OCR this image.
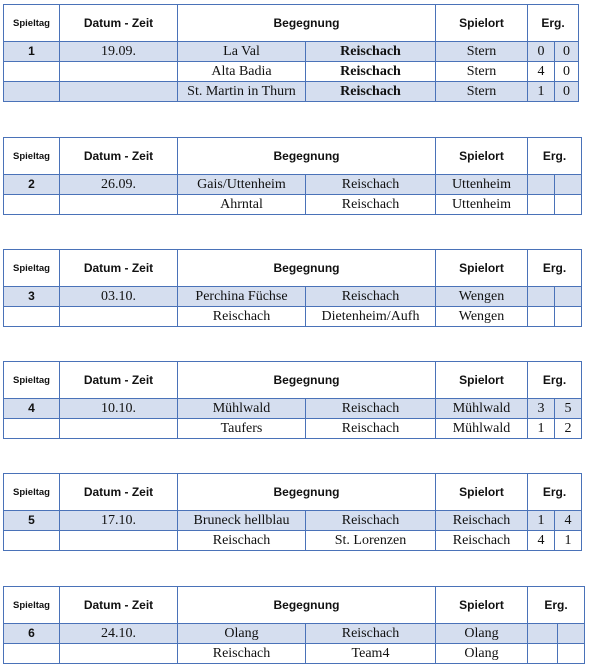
Spieltag	Datum - Zeit	Begegnung		Spielort	Erg.	
1	19.09.	La Val	Reischach	Stern	0	0
		Alta Badia	Reischach	Stern	4	0
		St. Martin in Thurn	Reischach	Stern	1	0
Spieltag	Datum - Zeit	Begegnung		Spielort	Erg.	
2	26.09.	Gais/Uttenheim	Reischach	Uttenheim		
		Ahrntal	Reischach	Uttenheim		
Spieltag	Datum - Zeit	Begegnung		Spielort	Erg.	
3	03.10.	Perchina Füchse	Reischach	Wengen		
		Reischach	Dietenheim/Aufh	Wengen		
Spieltag	Datum - Zeit	Begegnung		Spielort	Erg.	
4	10.10.	Mühlwald	Reischach	Mühlwald	3	5
		Taufers	Reischach	Mühlwald	1	2
Spieltag	Datum - Zeit	Begegnung		Spielort	Erg.	
5	17.10.	Bruneck hellblau	Reischach	Reischach	1	4
		Reischach	St. Lorenzen	Reischach	4	1
Spieltag	Datum - Zeit	Begegnung		Spielort	Erg.	
6	24.10.	Olang	Reischach	Olang		
		Reischach	Team4	Olang		
